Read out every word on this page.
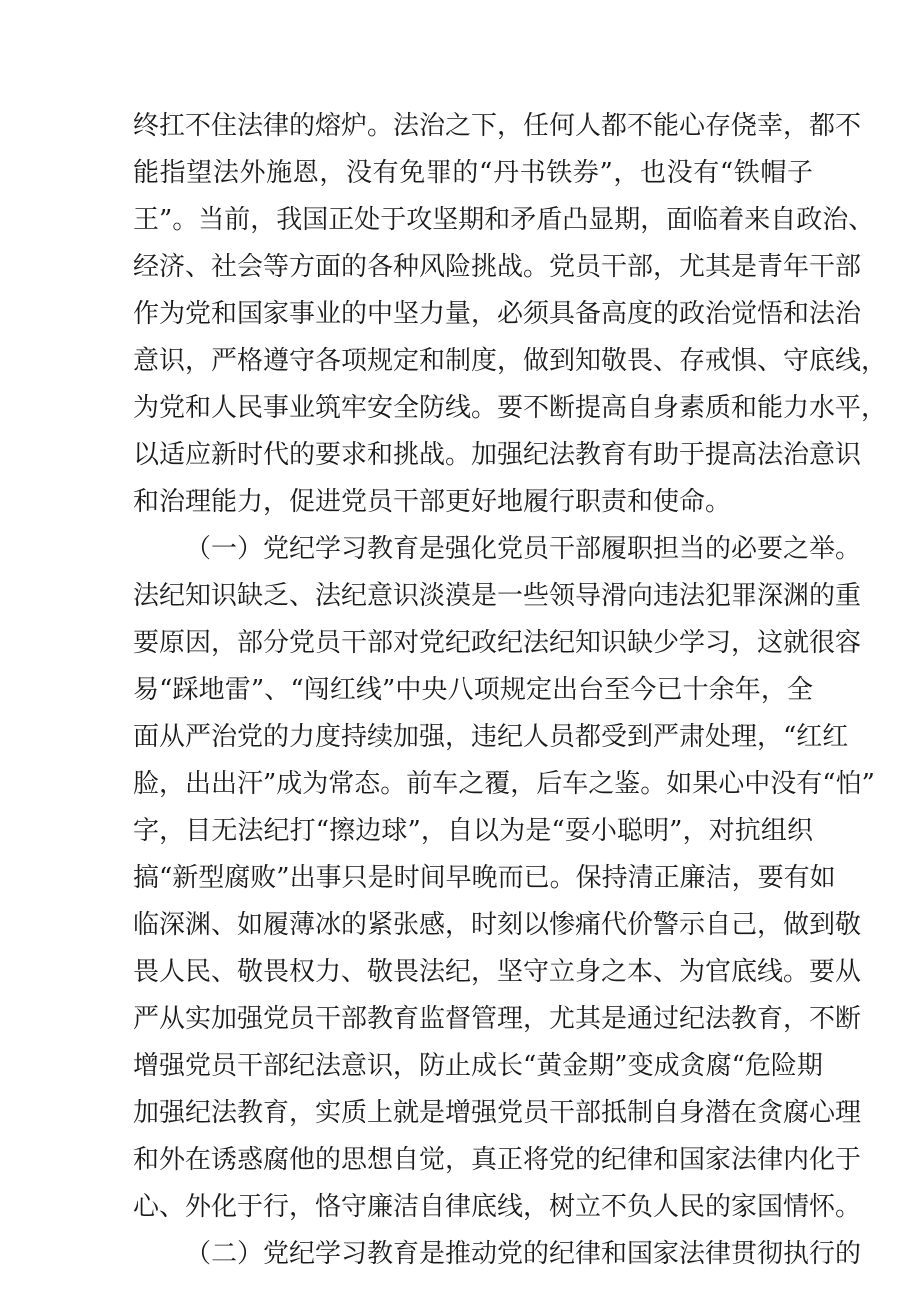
终扛不住法律的熔炉。法治之下，任何人都不能心存侥幸，都不
能指望法外施恩，没有免罪的“丹书铁券”，也没有“铁帽子
王”。当前，我国正处于攻坚期和矛盾凸显期，面临着来自政治、
经济、社会等方面的各种风险挑战。党员干部，尤其是青年干部
作为党和国家事业的中坚力量，必须具备高度的政治觉悟和法治
意识，严格遵守各项规定和制度，做到知敬畏、存戒惧、守底线，
为党和人民事业筑牢安全防线。要不断提高自身素质和能力水平，
以适应新时代的要求和挑战。加强纪法教育有助于提高法治意识
和治理能力，促进党员干部更好地履行职责和使命。
（一）党纪学习教育是强化党员干部履职担当的必要之举。
法纪知识缺乏、法纪意识淡漠是一些领导滑向违法犯罪深渊的重
要原因，部分党员干部对党纪政纪法纪知识缺少学习，这就很容
易“踩地雷”、“闯红线”中央八项规定出台至今已十余年，全
面从严治党的力度持续加强，违纪人员都受到严肃处理，“红红
脸，出出汗”成为常态。前车之覆，后车之鉴。如果心中没有“怕”
字，目无法纪打“擦边球”，自以为是“耍小聪明”，对抗组织
搞“新型腐败”出事只是时间早晚而已。保持清正廉洁，要有如
临深渊、如履薄冰的紧张感，时刻以惨痛代价警示自己，做到敬
畏人民、敬畏权力、敬畏法纪，坚守立身之本、为官底线。要从
严从实加强党员干部教育监督管理，尤其是通过纪法教育，不断
增强党员干部纪法意识，防止成长“黄金期”变成贪腐“危险期
加强纪法教育，实质上就是增强党员干部抵制自身潜在贪腐心理
和外在诱惑腐他的思想自觉，真正将党的纪律和国家法律内化于
心、外化于行，恪守廉洁自律底线，树立不负人民的家国情怀。
（二）党纪学习教育是推动党的纪律和国家法律贯彻执行的
